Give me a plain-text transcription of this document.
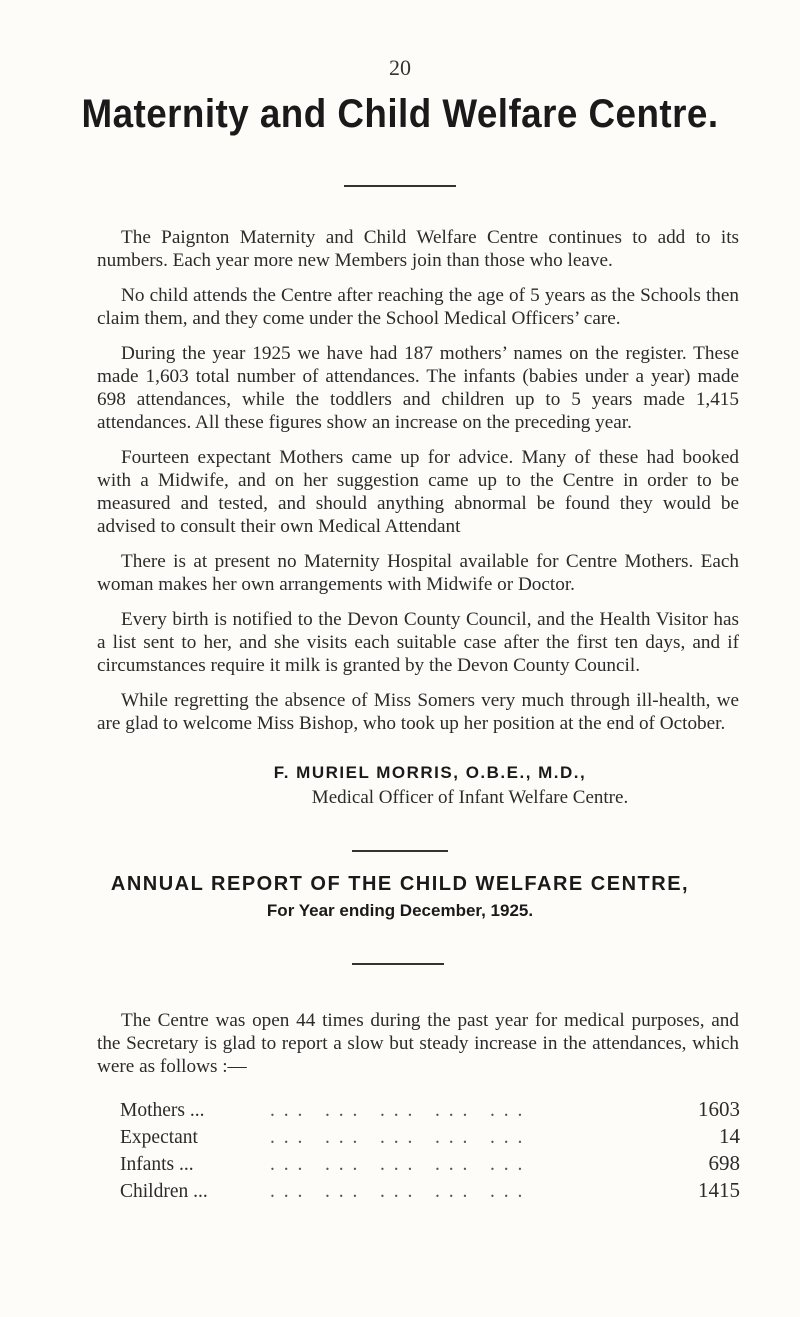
20
Maternity and Child Welfare Centre.

The Paignton Maternity and Child Welfare Centre continues to add to its numbers. Each year more new Members join than those who leave.

No child attends the Centre after reaching the age of 5 years as the Schools then claim them, and they come under the School Medical Officers’ care.

During the year 1925 we have had 187 mothers’ names on the register. These made 1,603 total number of attendances. The infants (babies under a year) made 698 attendances, while the toddlers and children up to 5 years made 1,415 attendances. All these figures show an increase on the preceding year.

Fourteen expectant Mothers came up for advice. Many of these had booked with a Midwife, and on her suggestion came up to the Centre in order to be measured and tested, and should anything abnormal be found they would be advised to consult their own Medical Attendant

There is at present no Maternity Hospital available for Centre Mothers. Each woman makes her own arrangements with Midwife or Doctor.

Every birth is notified to the Devon County Council, and the Health Visitor has a list sent to her, and she visits each suitable case after the first ten days, and if circumstances require it milk is granted by the Devon County Council.

While regretting the absence of Miss Somers very much through ill-health, we are glad to welcome Miss Bishop, who took up her position at the end of October.

F. MURIEL MORRIS, O.B.E., M.D.,
Medical Officer of Infant Welfare Centre.
ANNUAL REPORT OF THE CHILD WELFARE CENTRE,
For Year ending December, 1925.

The Centre was open 44 times during the past year for medical purposes, and the Secretary is glad to report a slow but steady increase in the attendances, which were as follows :—

Mothers ...	. . .   . . .   . . .   . . .   . . .	1603
Expectant	. . .   . . .   . . .   . . .   . . .	14
Infants ...	. . .   . . .   . . .   . . .   . . .	698
Children ...	. . .   . . .   . . .   . . .   . . .	1415
